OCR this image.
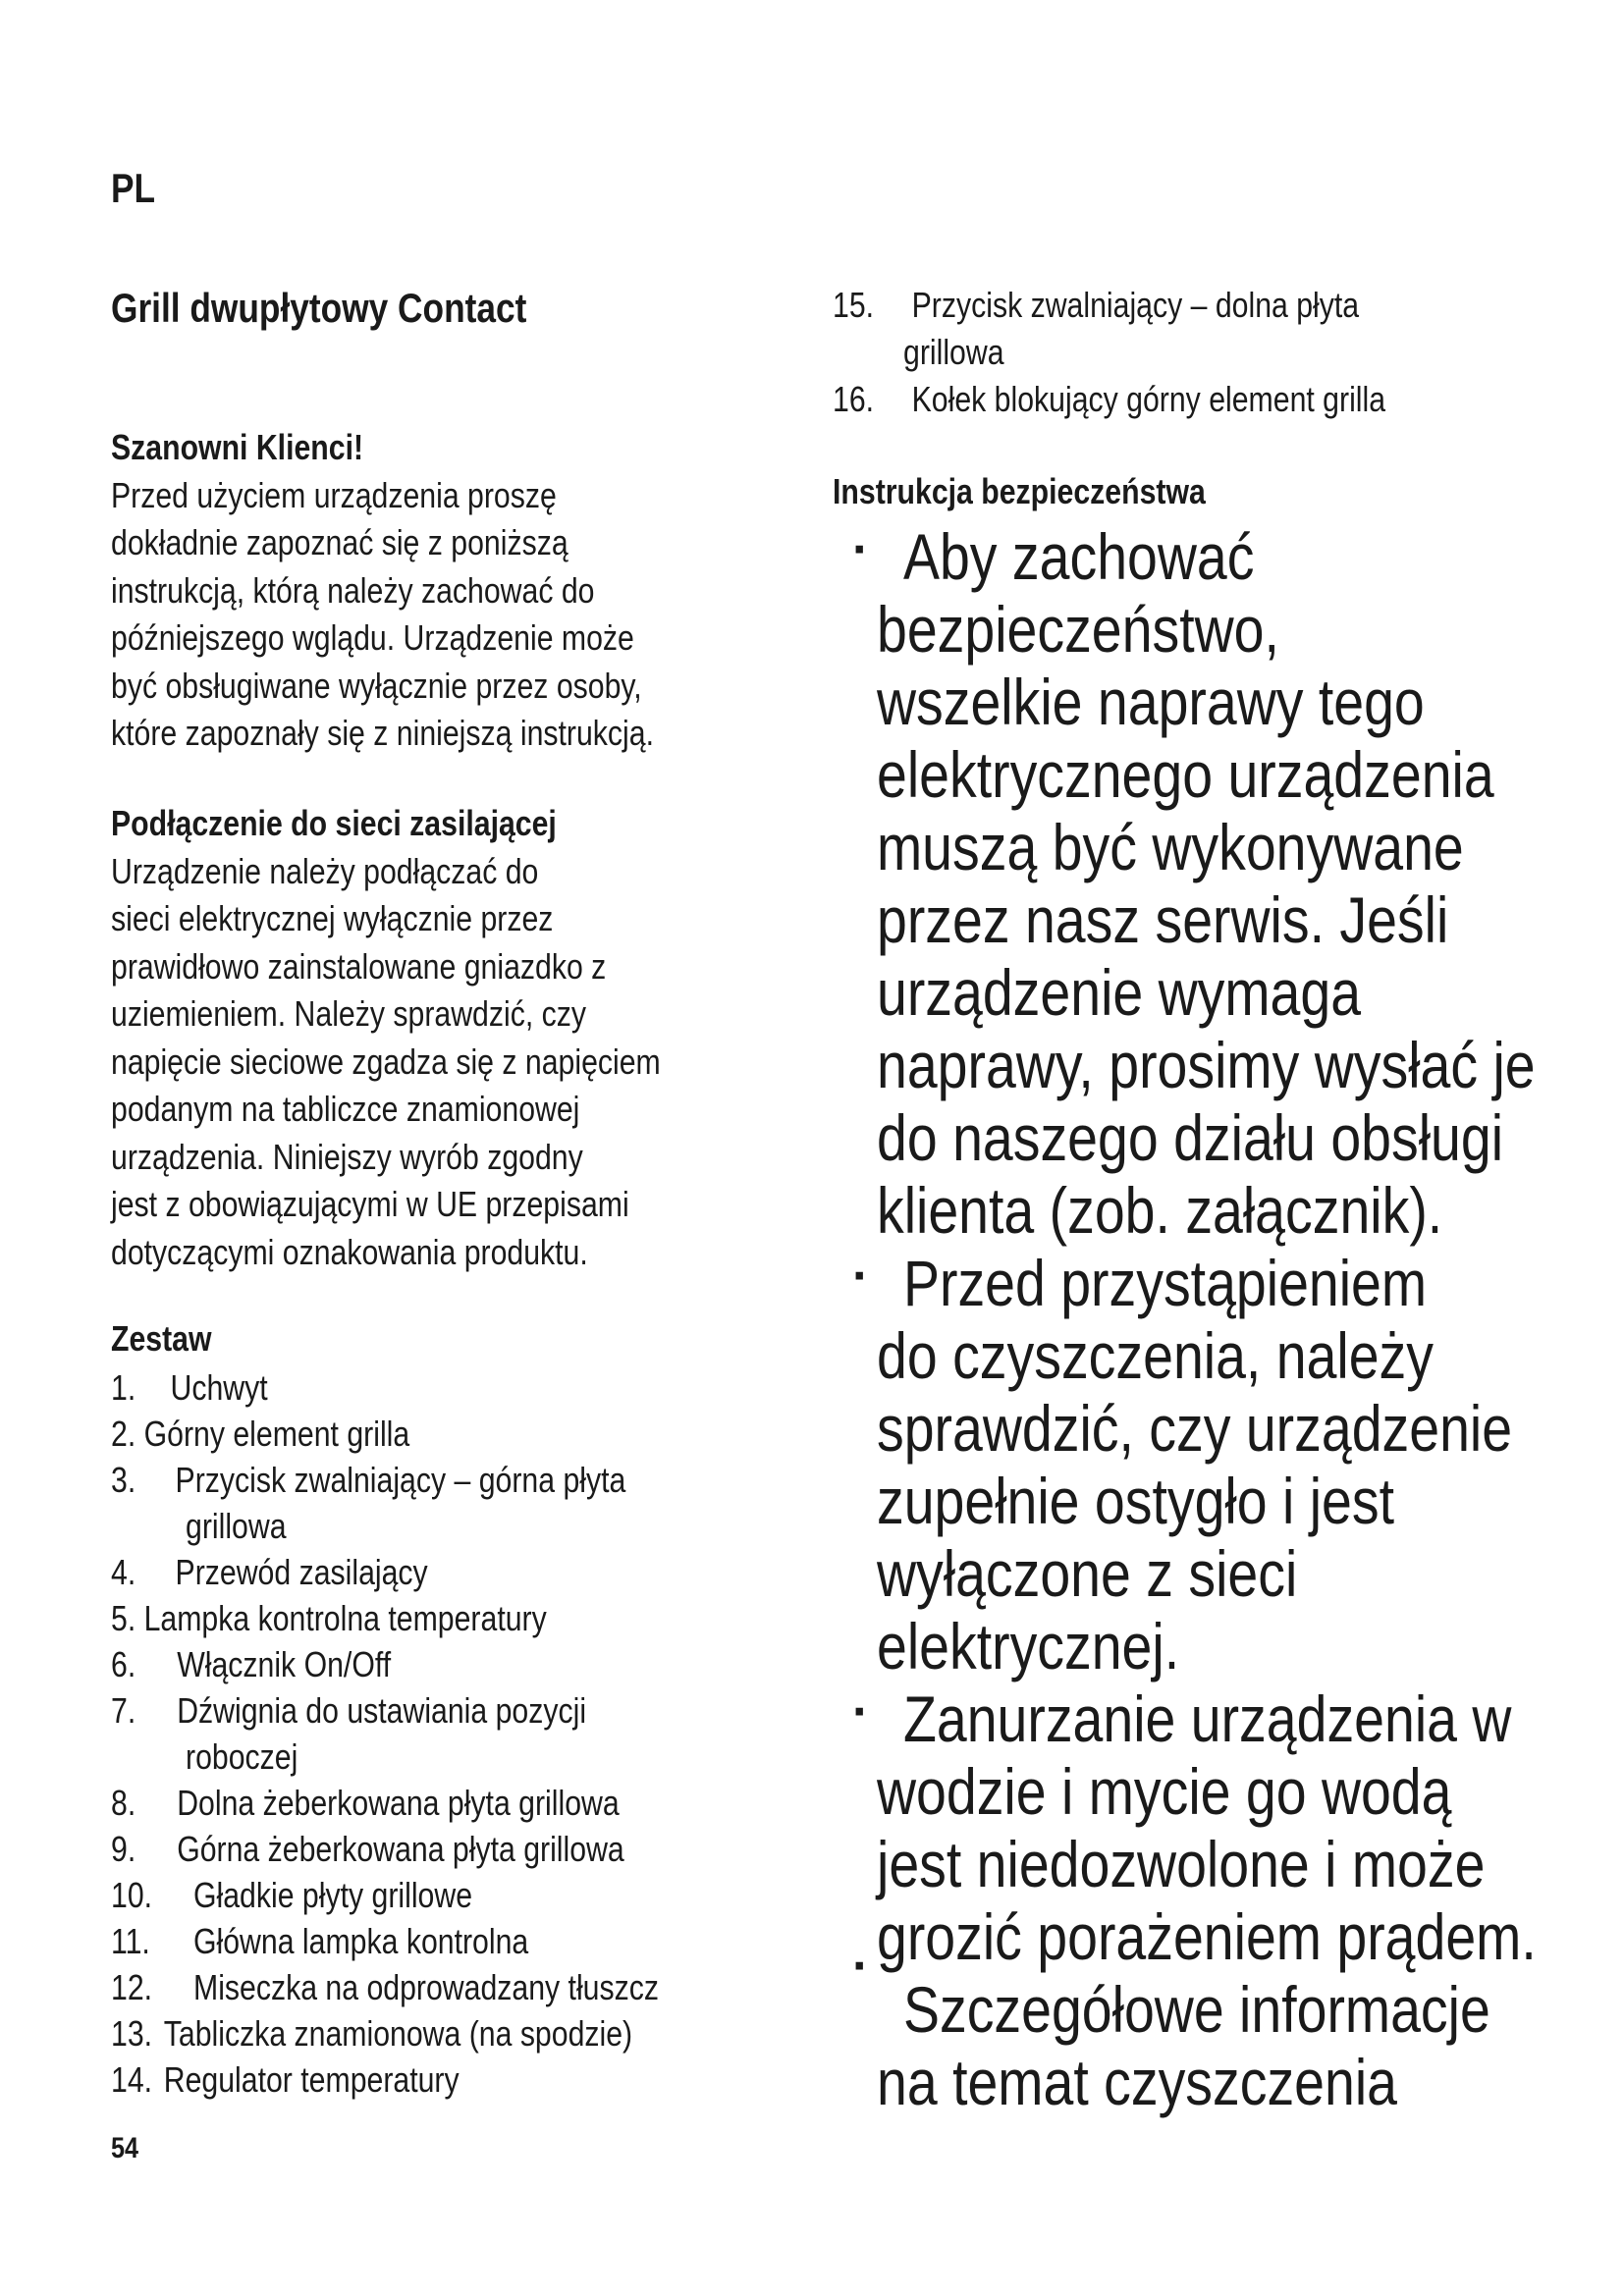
PL
Grill dwupłytowy Contact
Szanowni Klienci!
Przed użyciem urządzenia proszę
dokładnie zapoznać się z poniższą
instrukcją, którą należy zachować do
późniejszego wglądu. Urządzenie może
być obsługiwane wyłącznie przez osoby,
które zapoznały się z niniejszą instrukcją.
Podłączenie do sieci zasilającej
Urządzenie należy podłączać do
sieci elektrycznej wyłącznie przez
prawidłowo zainstalowane gniazdko z
uziemieniem. Należy sprawdzić, czy
napięcie sieciowe zgadza się z napięciem
podanym na tabliczce znamionowej
urządzenia. Niniejszy wyrób zgodny
jest z obowiązującymi w UE przepisami
dotyczącymi oznakowania produktu.
Zestaw
1. Uchwyt
2. Górny element grilla
3. Przycisk zwalniający – górna płyta
grillowa
4. Przewód zasilający
5. Lampka kontrolna temperatury
6. Włącznik On/Off
7. Dźwignia do ustawiania pozycji
roboczej
8. Dolna żeberkowana płyta grillowa
9. Górna żeberkowana płyta grillowa
10. Gładkie płyty grillowe
11. Główna lampka kontrolna
12. Miseczka na odprowadzany tłuszcz
13. Tabliczka znamionowa (na spodzie)
14. Regulator temperatury
54
15. Przycisk zwalniający – dolna płyta
grillowa
16. Kołek blokujący górny element grilla
Instrukcja bezpieczeństwa
·
·
·
·
Aby zachować
bezpieczeństwo,
wszelkie naprawy tego
elektrycznego urządzenia
muszą być wykonywane
przez nasz serwis. Jeśli
urządzenie wymaga
naprawy, prosimy wysłać je
do naszego działu obsługi
klienta (zob. załącznik).
Przed przystąpieniem
do czyszczenia, należy
sprawdzić, czy urządzenie
zupełnie ostygło i jest
wyłączone z sieci
elektrycznej.
Zanurzanie urządzenia w
wodzie i mycie go wodą
jest niedozwolone i może
grozić porażeniem prądem.
Szczegółowe informacje
na temat czyszczenia
